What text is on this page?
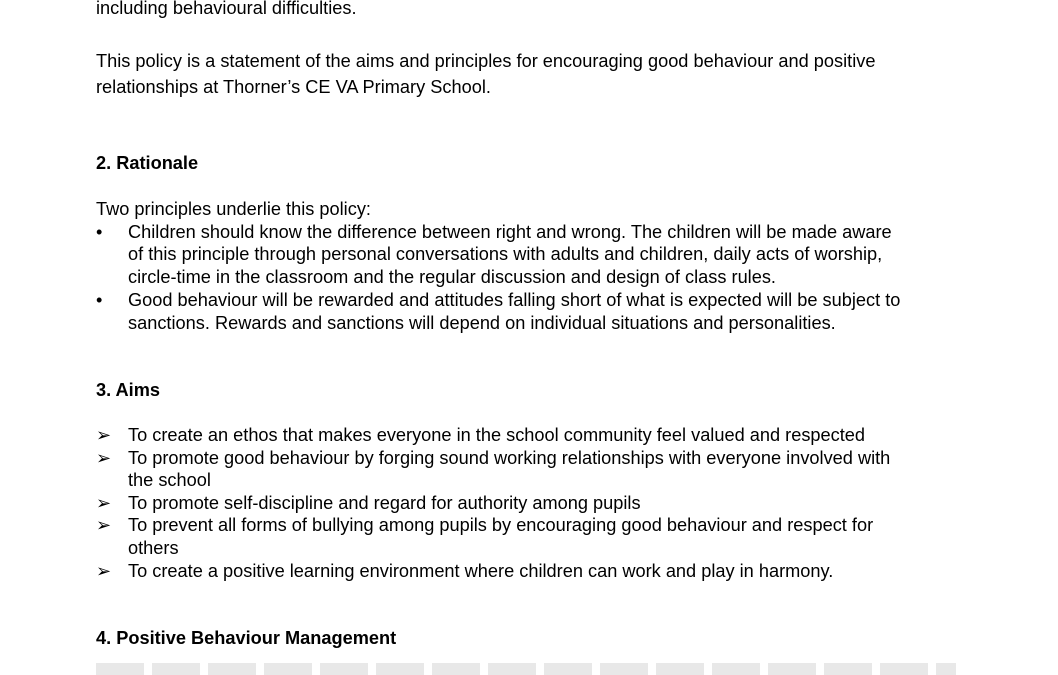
including behavioural difficulties.
This policy is a statement of the aims and principles for encouraging good behaviour and positive
relationships at Thorner’s CE VA Primary School.
2. Rationale
Two principles underlie this policy:
• Children should know the difference between right and wrong. The children will be made aware
of this principle through personal conversations with adults and children, daily acts of worship,
circle-time in the classroom and the regular discussion and design of class rules.
• Good behaviour will be rewarded and attitudes falling short of what is expected will be subject to
sanctions. Rewards and sanctions will depend on individual situations and personalities.
3. Aims
➢ To create an ethos that makes everyone in the school community feel valued and respected
➢ To promote good behaviour by forging sound working relationships with everyone involved with
the school
➢ To promote self-discipline and regard for authority among pupils
➢ To prevent all forms of bullying among pupils by encouraging good behaviour and respect for
others
➢ To create a positive learning environment where children can work and play in harmony.
4. Positive Behaviour Management
